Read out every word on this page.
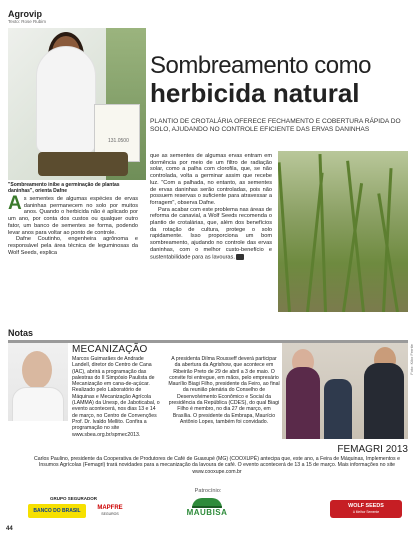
Agrovip
Texto: Rose Rubim
131.0500
"Sombreamento inibe a germinação de plantas daninhas", orienta Dafne
Sombreamento como
herbicida natural
PLANTIO DE CROTALÁRIA OFERECE FECHAMENTO E COBERTURA RÁPIDA DO SOLO, AJUDANDO NO CONTROLE EFICIENTE DAS ERVAS DANINHAS

As sementes de algumas espécies de ervas daninhas permanecem no solo por muitos anos. Quando o herbicida não é aplicado por um ano, por conta dos custos ou qualquer outro fator, um banco de sementes se forma, podendo levar anos para voltar ao ponto de controle.

Dafne Coutinho, engenheira agrônoma e responsável pela área técnica de leguminosas da Wolf Seeds, explica

que as sementes de algumas ervas entram em dormência por meio de um filtro de radiação solar, como a palha com clorofila, que, se não controlada, volta a germinar assim que recebe luz. "Com a palhada, no entanto, as sementes de ervas daninhas serão controladas, pois não possuem reservas o suficiente para atravessar a forragem", observa Dafne.

Para acabar com este problema nas áreas de reforma de canavial, a Wolf Seeds recomenda o plantio de crotalárias, que, além dos benefícios da rotação de cultura, protege o solo rapidamente. Isso proporciona um bom sombreamento, ajudando no controle das ervas daninhas, com o melhor custo-benefício e sustentabilidade para as lavouras.

Notas
MECANIZAÇÃO
Marcos Guimarães de Andrade Landell, diretor do Centro de Cana (IAC), abrirá a programação das palestras do II Simpósio Paulista de Mecanização em cana-de-açúcar. Realizado pelo Laboratório de Máquinas e Mecanização Agrícola (LAMMA) da Unesp, de Jaboticabal, o evento acontecerá, nos dias 13 e 14 de março, no Centro de Convenções Prof. Dr. Ivaldo Mellito. Confira a programação no site www.sbea.org.br/spmec2013.
A presidenta Dilma Rousseff deverá participar da abertura da Agrishow, que acontece em Ribeirão Preto de 29 de abril a 3 de maio. O convite foi entregue, em mãos, pelo empresário Maurílio Biagi Filho, presidente da Feiro, ao final da reunião plenária do Conselho de Desenvolvimento Econômico e Social da presidência da República (CDES), do qual Biagi Filho é membro, no dia 27 de março, em Brasília. O presidente da Embrapa, Maurício Antônio Lopes, também foi convidado.
Foto: Kiko Ferrite
FEMAGRI 2013
Carlos Paulino, presidente da Cooperativa de Produtores de Café de Guaxupé (MG) (COOXUPÉ) antecipa que, este ano, a Feira de Máquinas, Implementos e Insumos Agrícolas (Femagri) trará novidades para a mecanização da lavoura de café. O evento acontecerá de 13 a 15 de março. Mais informações no site www.cooxupe.com.br
Patrocínio:
GRUPO SEGURADOR
BANCO DO BRASIL	MAPFRE
SEGUROS	MAUBISA
WOLF SEEDS
A Melhor Semente
44
